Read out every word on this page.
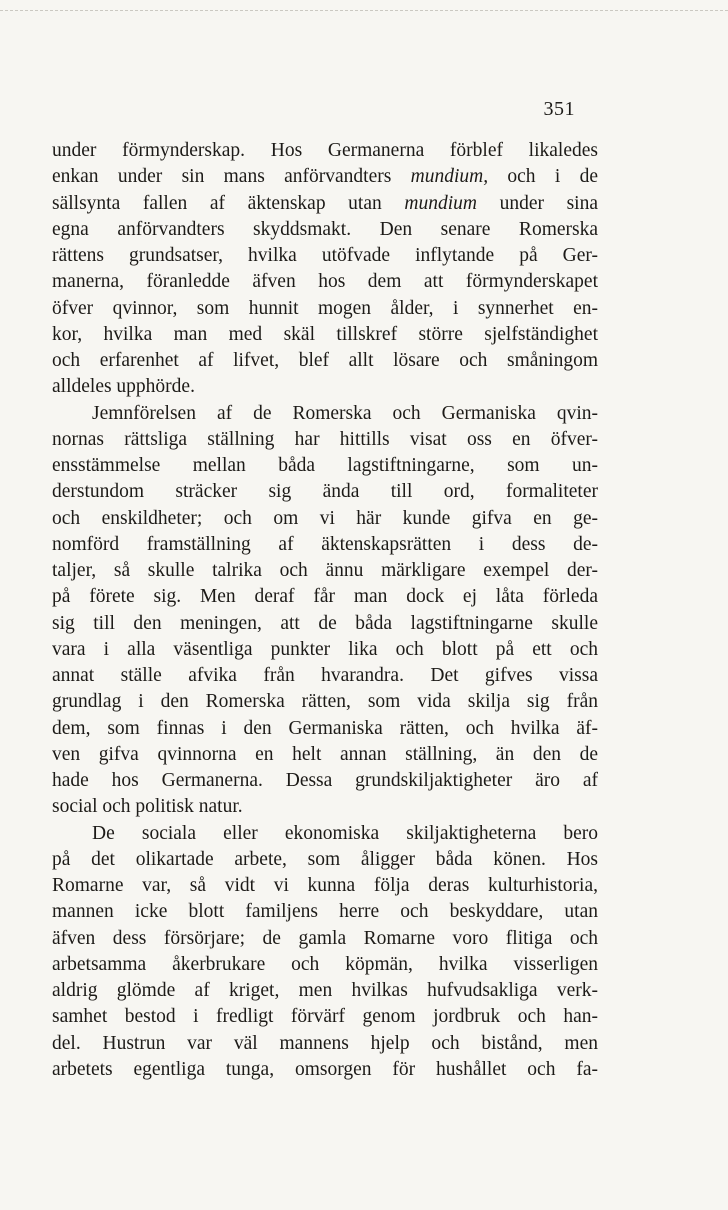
351
under förmynderskap. Hos Germanerna förblef likaledes
enkan under sin mans anförvandters mundium, och i de
sällsynta fallen af äktenskap utan mundium under sina
egna anförvandters skyddsmakt. Den senare Romerska
rättens grundsatser, hvilka utöfvade inflytande på Ger-
manerna, föranledde äfven hos dem att förmynderskapet
öfver qvinnor, som hunnit mogen ålder, i synnerhet en-
kor, hvilka man med skäl tillskref större sjelfständighet
och erfarenhet af lifvet, blef allt lösare och småningom
alldeles upphörde.
Jemnförelsen af de Romerska och Germaniska qvin-
nornas rättsliga ställning har hittills visat oss en öfver-
ensstämmelse mellan båda lagstiftningarne, som un-
derstundom sträcker sig ända till ord, formaliteter
och enskildheter; och om vi här kunde gifva en ge-
nomförd framställning af äktenskapsrätten i dess de-
taljer, så skulle talrika och ännu märkligare exempel der-
på förete sig. Men deraf får man dock ej låta förleda
sig till den meningen, att de båda lagstiftningarne skulle
vara i alla väsentliga punkter lika och blott på ett och
annat ställe afvika från hvarandra. Det gifves vissa
grundlag i den Romerska rätten, som vida skilja sig från
dem, som finnas i den Germaniska rätten, och hvilka äf-
ven gifva qvinnorna en helt annan ställning, än den de
hade hos Germanerna. Dessa grundskiljaktigheter äro af
social och politisk natur.
De sociala eller ekonomiska skiljaktigheterna bero
på det olikartade arbete, som åligger båda könen. Hos
Romarne var, så vidt vi kunna följa deras kulturhistoria,
mannen icke blott familjens herre och beskyddare, utan
äfven dess försörjare; de gamla Romarne voro flitiga och
arbetsamma åkerbrukare och köpmän, hvilka visserligen
aldrig glömde af kriget, men hvilkas hufvudsakliga verk-
samhet bestod i fredligt förvärf genom jordbruk och han-
del. Hustrun var väl mannens hjelp och bistånd, men
arbetets egentliga tunga, omsorgen för hushållet och fa-
